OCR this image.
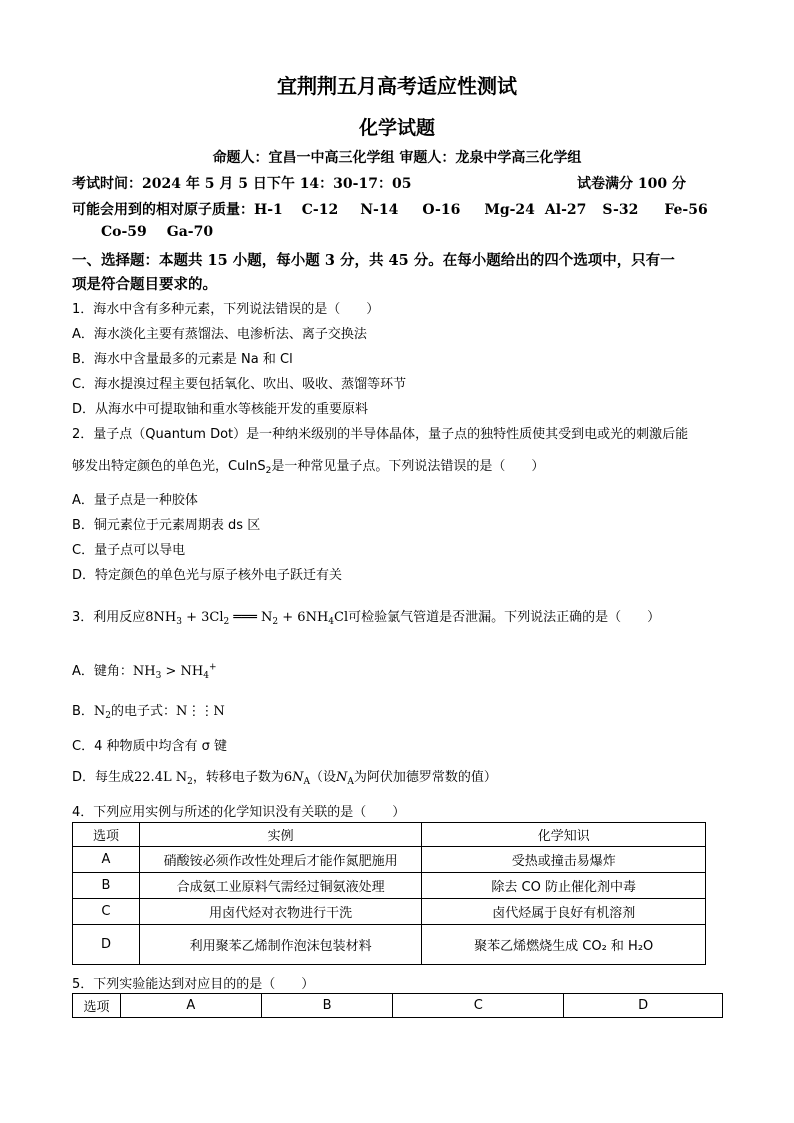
宜荆荆五月高考适应性测试
化学试题
命题人：宜昌一中高三化学组 审题人：龙泉中学高三化学组
考试时间：2024 年 5 月 5 日下午 14：30-17：05	试卷满分 100 分
可能会用到的相对原子质量：H-1 C-12 N-14 O-16 Mg-24 Al-27 S-32 Fe-56
Co-59 Ga-70
一、选择题：本题共 15 小题，每小题 3 分，共 45 分。在每小题给出的四个选项中，只有一
项是符合题目要求的。
1．海水中含有多种元素，下列说法错误的是（　　）
A．海水淡化主要有蒸馏法、电渗析法、离子交换法
B．海水中含量最多的元素是 Na 和 Cl
C．海水提溴过程主要包括氧化、吹出、吸收、蒸馏等环节
D．从海水中可提取铀和重水等核能开发的重要原料
2．量子点（Quantum Dot）是一种纳米级别的半导体晶体，量子点的独特性质使其受到电或光的刺激后能
够发出特定颜色的单色光，CuInS$_2$是一种常见量子点。下列说法错误的是（　　）
A．量子点是一种胶体
B．铜元素位于元素周期表 ds 区
C．量子点可以导电
D．特定颜色的单色光与原子核外电子跃迁有关
3．利用反应$8NH_3 + 3Cl_2$ ═══ $N_2 + 6NH_4Cl$可检验氯气管道是否泄漏。下列说法正确的是（　　）
A．键角：$NH_3 > NH_4^+$
B．$N_2$的电子式：N⋮⋮N
C．4 种物质中均含有 σ 键
D．每生成22.4L $N_2$，转移电子数为$6N_A$（设$N_A$为阿伏加德罗常数的值）
4．下列应用实例与所述的化学知识没有关联的是（　　）
选项	实例	化学知识
A	硝酸铵必须作改性处理后才能作氮肥施用	受热或撞击易爆炸
B	合成氨工业原料气需经过铜氨液处理	除去 CO 防止催化剂中毒
C	用卤代烃对衣物进行干洗	卤代烃属于良好有机溶剂
D	利用聚苯乙烯制作泡沫包装材料	聚苯乙烯燃烧生成 CO₂ 和 H₂O
5．下列实验能达到对应目的的是（　　）
选项	A	B	C	D
